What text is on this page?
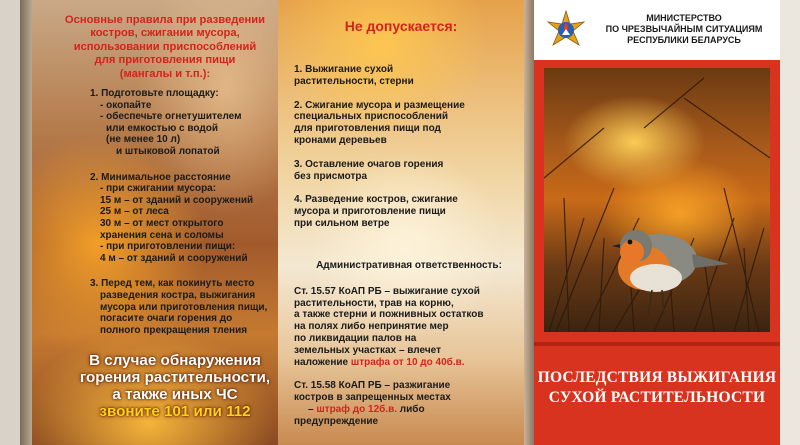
Основные правила при разведении
костров, сжигании мусора,
использовании приспособлений
для приготовления пищи
(мангалы и т.п.):
1. Подготовьте площадку:
- окопайте
- обеспечьте огнетушителем
или емкостью с водой
(не менее 10 л)
и штыковой лопатой
2. Минимальное расстояние
- при сжигании мусора:
15 м – от зданий и сооружений
25 м – от леса
30 м – от мест открытого
хранения сена и соломы
- при приготовлении пищи:
4 м – от зданий и сооружений
3. Перед тем, как покинуть место
разведения костра, выжигания
мусора или приготовления пищи,
погасите очаги горения до
полного прекращения тления
В случае обнаружения
горения растительности,
а также иных ЧС
звоните 101 или 112
Не допускается:
1. Выжигание сухой
растительности, стерни
2. Сжигание мусора и размещение
специальных приспособлений
для приготовления пищи под
кронами деревьев
3. Оставление очагов горения
без присмотра
4. Разведение костров, сжигание
мусора и приготовление пищи
при сильном ветре
Административная ответственность:
Ст. 15.57 КоАП РБ – выжигание сухой
растительности, трав на корню,
а также стерни и пожнивных остатков
на полях либо непринятие мер
по ликвидации палов на
земельных участках – влечет
наложение штрафа от 10 до 40б.в.
Ст. 15.58 КоАП РБ – разжигание
костров в запрещенных местах
– штраф до 12б.в. либо
предупреждение
МИНИСТЕРСТВО
ПО ЧРЕЗВЫЧАЙНЫМ СИТУАЦИЯМ
РЕСПУБЛИКИ БЕЛАРУСЬ
ПОСЛЕДСТВИЯ ВЫЖИГАНИЯ
СУХОЙ РАСТИТЕЛЬНОСТИ
